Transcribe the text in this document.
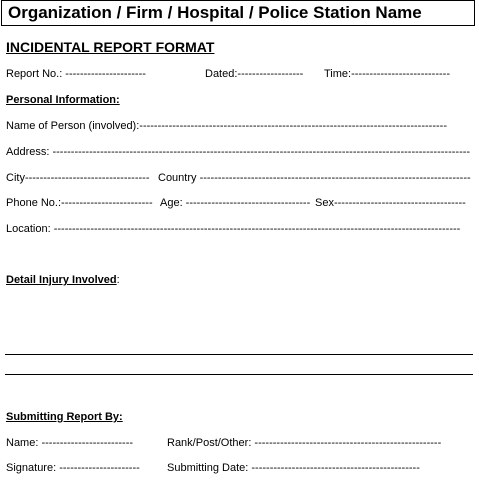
Organization / Firm / Hospital / Police Station Name
INCIDENTAL REPORT FORMAT
Report No.: ----------------------	Dated:------------------ Time:---------------------------
Personal Information:
Name of Person (involved):------------------------------------------------------------------------------------
Address: ------------------------------------------------------------------------------------------------------------------
City---------------------------------- Country --------------------------------------------------------------------------
Phone No.:------------------------- Age: ---------------------------------- Sex------------------------------------
Location: ---------------------------------------------------------------------------------------------------------------
Detail Injury Involved:
Submitting Report By:
Name: -------------------------	Rank/Post/Other: ---------------------------------------------------
Signature: ---------------------- Submitting Date: ----------------------------------------------
